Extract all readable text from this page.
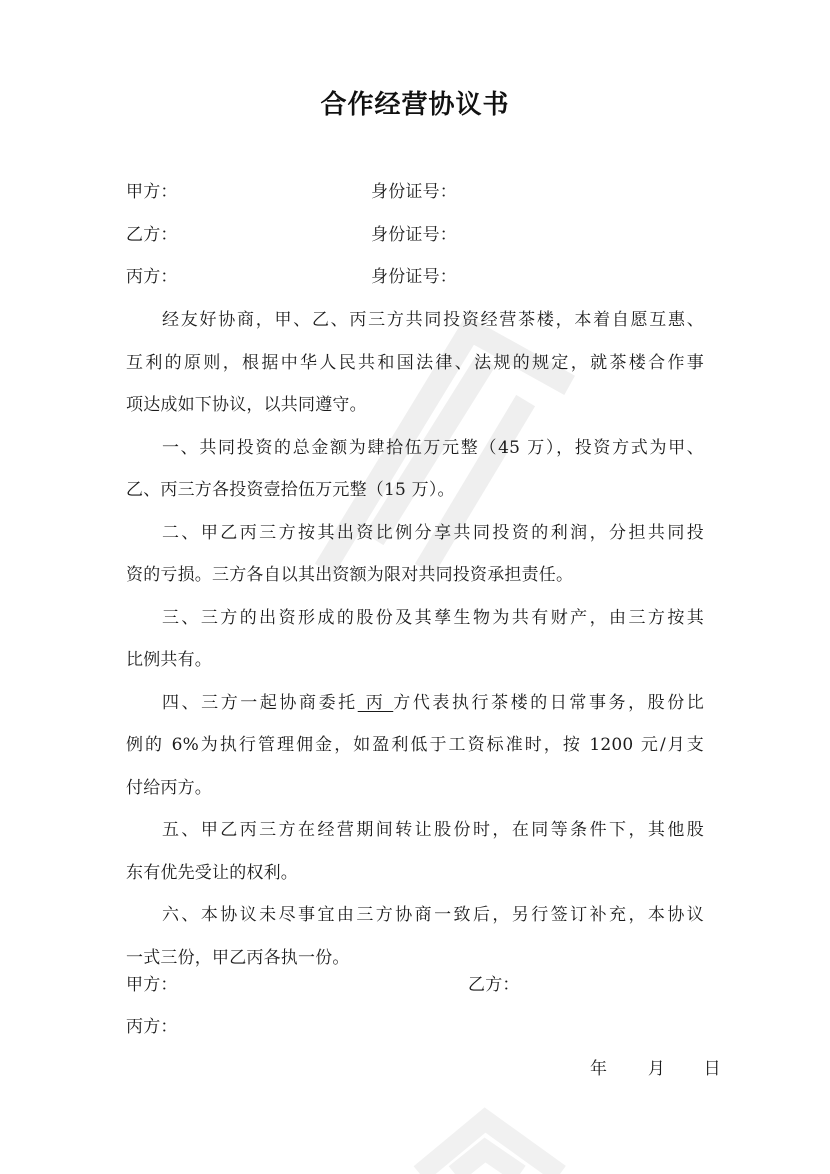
合作经营协议书
甲方：	身份证号：
乙方：	身份证号：
丙方：	身份证号：
经友好协商，甲、乙、丙三方共同投资经营茶楼，本着自愿互惠、
互利的原则，根据中华人民共和国法律、法规的规定，就茶楼合作事
项达成如下协议，以共同遵守。
一、共同投资的总金额为肆拾伍万元整（45 万），投资方式为甲、
乙、丙三方各投资壹拾伍万元整（15 万）。
二、甲乙丙三方按其出资比例分享共同投资的利润，分担共同投
资的亏损。三方各自以其出资额为限对共同投资承担责任。
三、三方的出资形成的股份及其孳生物为共有财产，由三方按其
比例共有。
四、三方一起协商委托 丙 方代表执行茶楼的日常事务，股份比
例的 6%为执行管理佣金，如盈利低于工资标准时，按 1200 元/月支
付给丙方。
五、甲乙丙三方在经营期间转让股份时，在同等条件下，其他股
东有优先受让的权利。
六、本协议未尽事宜由三方协商一致后，另行签订补充，本协议
一式三份，甲乙丙各执一份。
甲方：	乙方：
丙方：
年 月 日
